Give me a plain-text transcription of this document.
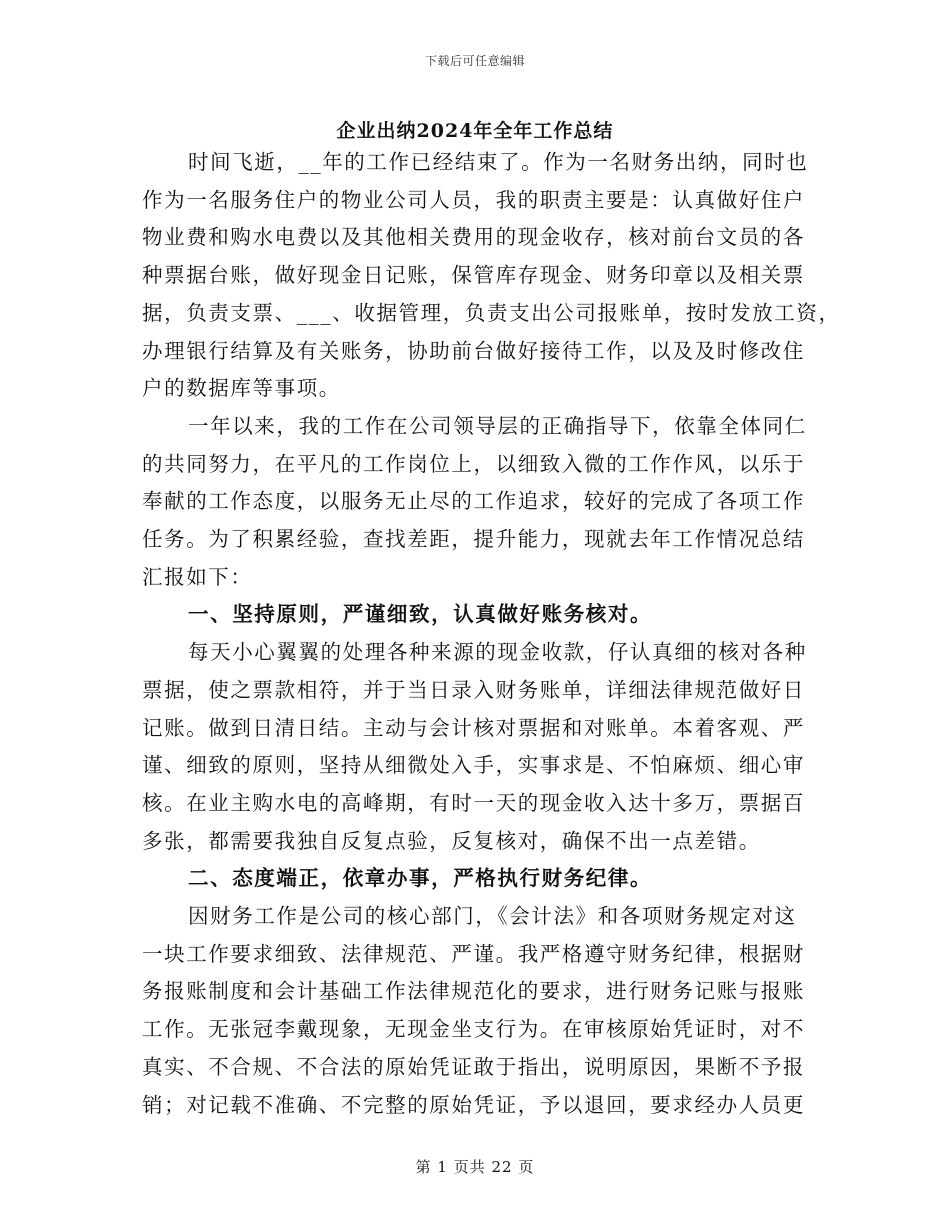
下载后可任意编辑
企业出纳2024年全年工作总结
时间飞逝，__年的工作已经结束了。作为一名财务出纳，同时也
作为一名服务住户的物业公司人员，我的职责主要是：认真做好住户
物业费和购水电费以及其他相关费用的现金收存，核对前台文员的各
种票据台账，做好现金日记账，保管库存现金、财务印章以及相关票
据，负责支票、___、收据管理，负责支出公司报账单，按时发放工资，
办理银行结算及有关账务，协助前台做好接待工作，以及及时修改住
户的数据库等事项。
一年以来，我的工作在公司领导层的正确指导下，依靠全体同仁
的共同努力，在平凡的工作岗位上，以细致入微的工作作风，以乐于
奉献的工作态度，以服务无止尽的工作追求，较好的完成了各项工作
任务。为了积累经验，查找差距，提升能力，现就去年工作情况总结
汇报如下：
一、坚持原则，严谨细致，认真做好账务核对。
每天小心翼翼的处理各种来源的现金收款，仔认真细的核对各种
票据，使之票款相符，并于当日录入财务账单，详细法律规范做好日
记账。做到日清日结。主动与会计核对票据和对账单。本着客观、严
谨、细致的原则，坚持从细微处入手，实事求是、不怕麻烦、细心审
核。在业主购水电的高峰期，有时一天的现金收入达十多万，票据百
多张，都需要我独自反复点验，反复核对，确保不出一点差错。
二、态度端正，依章办事，严格执行财务纪律。
因财务工作是公司的核心部门，《会计法》和各项财务规定对这
一块工作要求细致、法律规范、严谨。我严格遵守财务纪律，根据财
务报账制度和会计基础工作法律规范化的要求，进行财务记账与报账
工作。无张冠李戴现象，无现金坐支行为。在审核原始凭证时，对不
真实、不合规、不合法的原始凭证敢于指出，说明原因，果断不予报
销；对记载不准确、不完整的原始凭证，予以退回，要求经办人员更
第 1 页共 22 页
